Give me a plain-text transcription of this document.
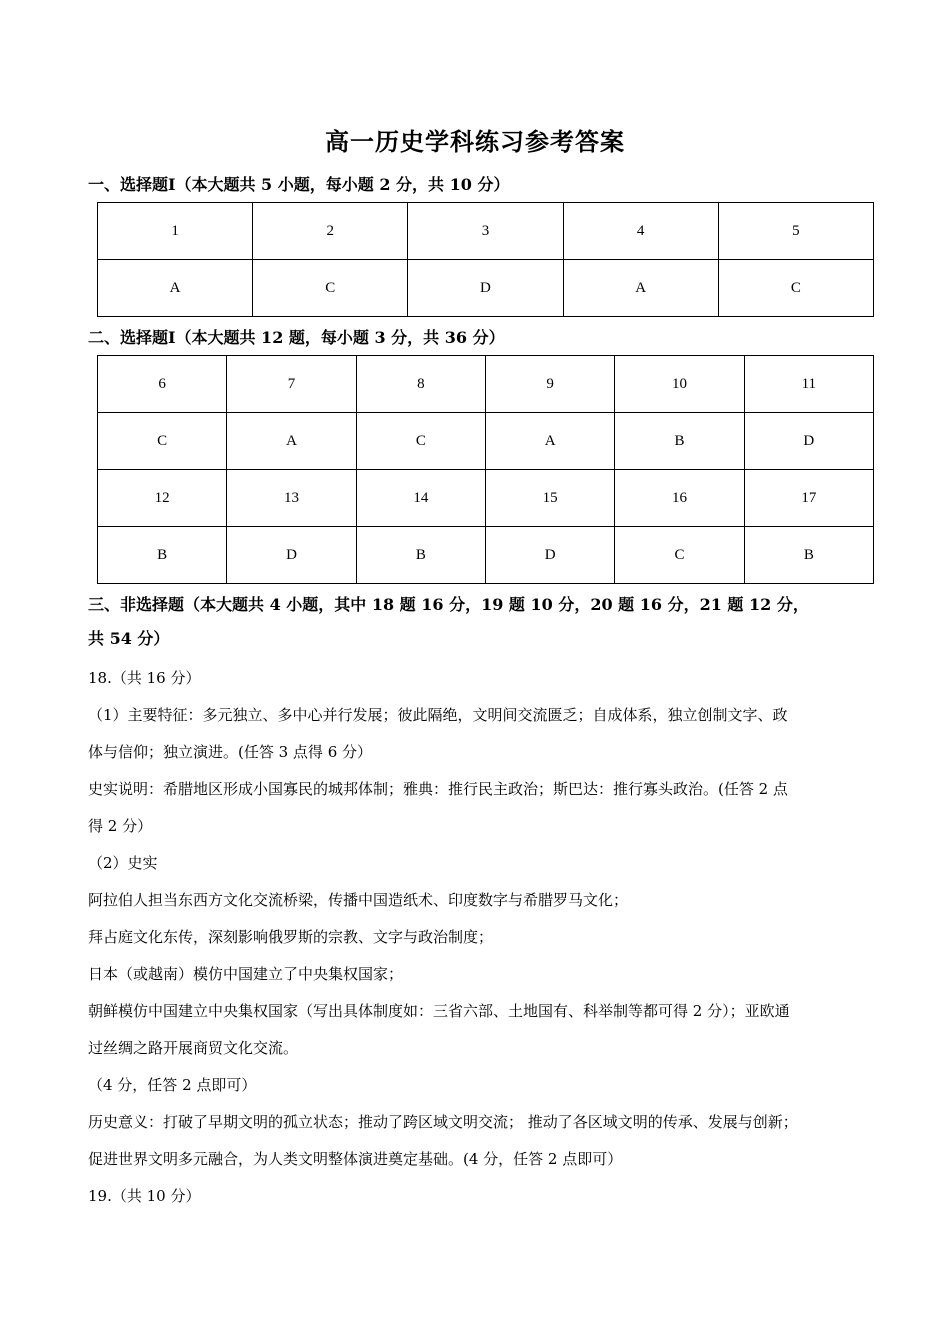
高一历史学科练习参考答案
一、选择题I（本大题共 5 小题，每小题 2 分，共 10 分）
1	2	3	4	5
A	C	D	A	C
二、选择题I（本大题共 12 题，每小题 3 分，共 36 分）
6	7	8	9	10	11
C	A	C	A	B	D
12	13	14	15	16	17
B	D	B	D	C	B
三、非选择题（本大题共 4 小题，其中 18 题 16 分，19 题 10 分，20 题 16 分，21 题 12 分，
共 54 分）

18.（共 16 分）

（1）主要特征：多元独立、多中心并行发展；彼此隔绝，文明间交流匮乏；自成体系，独立创制文字、政

体与信仰；独立演进。(任答 3 点得 6 分）

史实说明：希腊地区形成小国寡民的城邦体制；雅典：推行民主政治；斯巴达：推行寡头政治。(任答 2 点

得 2 分）

（2）史实

阿拉伯人担当东西方文化交流桥梁，传播中国造纸术、印度数字与希腊罗马文化；

拜占庭文化东传，深刻影响俄罗斯的宗教、文字与政治制度；

日本（或越南）模仿中国建立了中央集权国家；

朝鲜模仿中国建立中央集权国家（写出具体制度如：三省六部、土地国有、科举制等都可得 2 分）；亚欧通

过丝绸之路开展商贸文化交流。

（4 分，任答 2 点即可）

历史意义：打破了早期文明的孤立状态；推动了跨区域文明交流； 推动了各区域文明的传承、发展与创新；

促进世界文明多元融合，为人类文明整体演进奠定基础。(4 分，任答 2 点即可）

19.（共 10 分）
